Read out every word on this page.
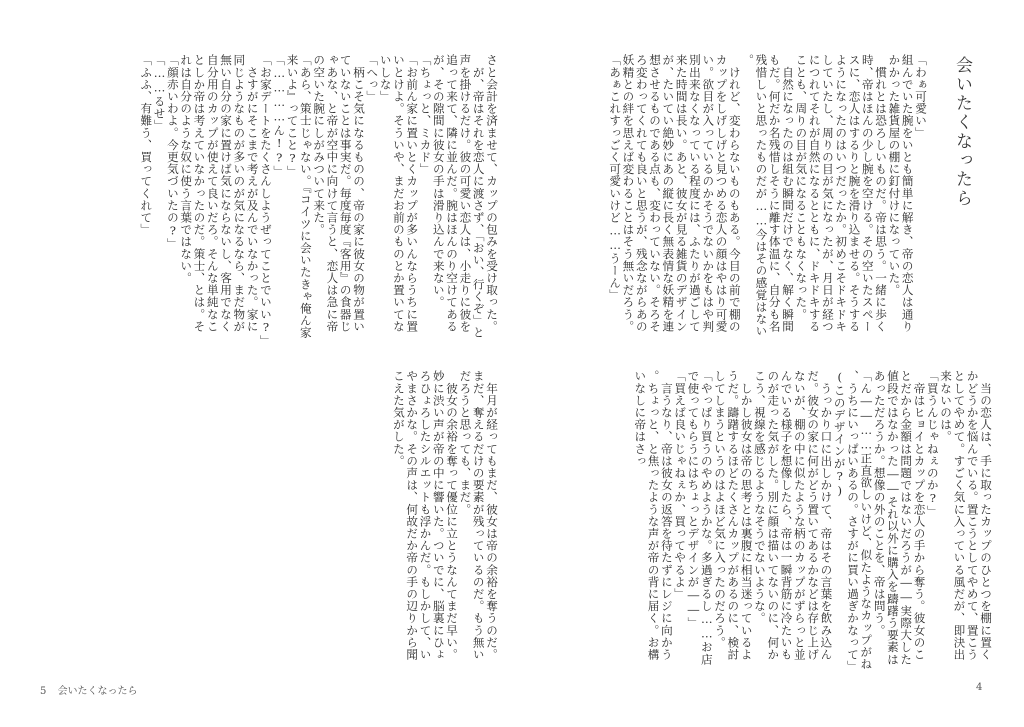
会いたくなったら

「わぁ可愛い」

組んでいた腕をいとも簡単に解き、帝の恋人は通りかかった雑貨屋の棚に釘付けになっていた。

　慣れとは恐ろしいものだ。帝は思う。一緒に歩く時、帝はほんの少し腕を空ける。その空いたスペースに、恋人はするりと腕を滑り込ませる。そうするようになったのはいつだったか。初めこそドキドキしていたし、周りの目が気になったが、月日が経つにつれてそれが自然になるとともに、ドキドキすることも、周りの目が気になることもなくなった。

　自然になったのは組む瞬間だけでなく、解く瞬間もだ。何だか名残惜しそうに離す体温に、自分も名残惜しいと思ったものだが……今はその感覚はない。

　けれど、変わらないものもある。今目の前で棚のカップをしげしげと見つめる恋人の顔はやはり可愛い。欲目が入っているのかそうでないかをもはや判別出来なくなっている程度には、ふたりが過ごして来た時間は長い。あと、彼女が見る雑貨のデザインが、たいてい絶妙にあの縦に長く無表情な妖精を連想させるものである点も、変わっていない。そろそろ変わってくれても良いと思うが、残念ながらあの妖精との絆を思えば変わることはそう無いだろう。

「あぁこれすっごく可愛いけど……うーん」

　当の恋人は、手に取ったカップのひとつを棚に置くかどうかを悩んでいる。置こうとしてやめて、置こうとしてやめて。すごく気に入っている風だが、即決出来ないのは。

「買うんじゃねぇのか?」

　帝はヒョイとカップを恋人の手から奪う。彼女のことだから金額は問題ではないだろうが――実際大した値段ではなかった――それ以外に購入を躊躇う要素はあっただろうか。想像の外のことを、帝は問う。

「ん――……正直欲しいけど、似たようなカップがね、うちにいっぱいあるの。さすがに買い過ぎかなって」

(このデザインが?)

　うっかり口に出しかけて、帝はその言葉を飲み込んだ。彼女の家に何がどう置いてあるかなどは存じ上げないが、棚の中に似たような柄のカップがずらっと並んでいる様子を想像したら、帝は一瞬背筋に冷たいものが走った気がした。別に顔は描いてないのに、何かこう、視線を感じるようなそうでないような。

　しかし彼女は帝の思考とは裏腹に相当迷っているようだ。躊躇するほどたくさんカップがあるのに、検討してしまうというのはよほど気に入ったのだろう。

「やっぱり買うのやめようかな。多過ぎるし……お店で使ってもらうにはちょっとデザインが――」

「買えば良いじゃねぇか、買ってやるよ」

　言うなり、帝は彼女の返答を待たずにレジに向かう。ちょっと、と焦ったような声が帝の背に届く。お構いなしに帝はさっ

4

さと会計を済ませて、カップの包みを受け取った。

　が、帝はそれを恋人に渡さず、「おい、行くぞ」と声を掛けるだけ。彼の可愛い恋人は、小走りに彼を追って来て、隣に並んだ。腕はほんのり空けてあるが、その隙間に彼女の手は滑り込んで来ない。

「ちょっと、ミカド」

「お前ん家に置いとくカップが多いんならうちに置いとけよ。そういや、まだお前のものとか置いてないしな」

「へっ」

　柄こそ気になるものの、帝の家に彼女の物が置いていないことは事実だ。毎度毎度『客用』の食器じゃあな、と帝が空中に向けて言うと、恋人は急に帝の空いた腕にしがみついて来た。

「あら、策士じゃない。『コイツに会いたきゃ俺ん家来いよ』ってこと?」

「…………ん!?」

「お家デートをたくさんしようぜってことでいい?」

　さすがにそこまで考えが及んでいなかった。家に同じようなものが多いのが気になるなら、まだ物が無い自分の家に置けば気にならないし、客用でなく自分用のカップが使えて良いだろ。そんな単純なことしか帝は考えていなかったのだ。策士、とは。それは自分のような奴に使う言葉ではない。

「顔赤いわよ。今更気づいたの?」

「……るせ」

「ふふ、有難う、買ってくれて」

　年月が経ってもまだ、彼女は帝の余裕を奪うのだ。まだ、奪えるだけの要素が残っているのだ。もう無いだろうと思っても、まだ。

　彼女の余裕を奪って優位に立とうなんてまだ早い。妙に渋い声が帝の中に響いた。ついでに、脳裏にひょろひょろしたシルエットも浮かんだ。もしかして、いやまさかな。その声は、何故だか帝の手の辺りから聞こえた気がした。

5 会いたくなったら
